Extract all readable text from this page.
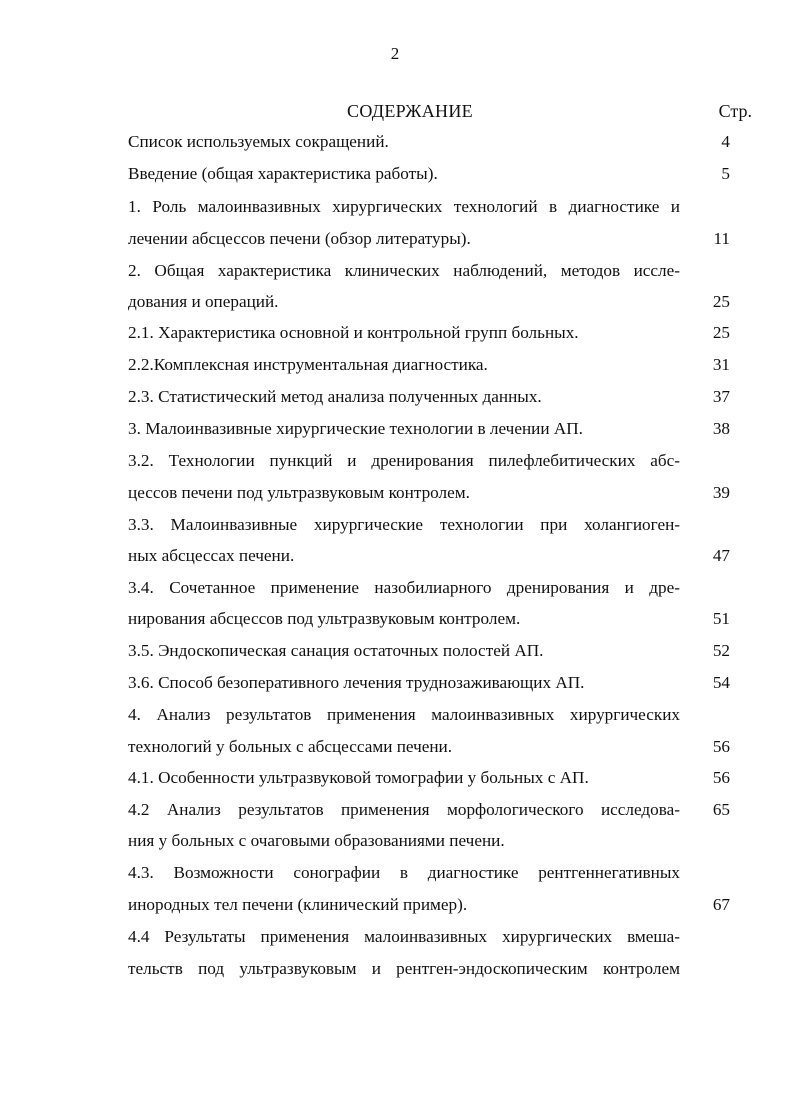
2
СОДЕРЖАНИЕ	Стр.
Список используемых сокращений.
Введение (общая характеристика работы).
1. Роль малоинвазивных хирургических технологий в диагностике и
лечении абсцессов печени (обзор литературы).
2. Общая характеристика клинических наблюдений, методов иссле-
дования и операций.
2.1. Характеристика основной и контрольной групп больных.
2.2.Комплексная инструментальная диагностика.
2.3. Статистический метод анализа полученных данных.
3. Малоинвазивные хирургические технологии в лечении АП.
3.2. Технологии пункций и дренирования пилефлебитических абс-
цессов печени под ультразвуковым контролем.
3.3. Малоинвазивные хирургические технологии при холангиоген-
ных абсцессах печени.
3.4. Сочетанное применение назобилиарного дренирования и дре-
нирования абсцессов под ультразвуковым контролем.
3.5. Эндоскопическая санация остаточных полостей АП.
3.6. Способ безоперативного лечения труднозаживающих АП.
4. Анализ результатов применения малоинвазивных хирургических
технологий у больных с абсцессами печени.
4.1. Особенности ультразвуковой томографии у больных с АП.
4.2 Анализ результатов применения морфологического исследова-
ния у больных с очаговыми образованиями печени.
4.3. Возможности сонографии в диагностике рентгеннегативных
инородных тел печени (клинический пример).
4.4 Результаты применения малоинвазивных хирургических вмеша-
тельств под ультразвуковым и рентген-эндоскопическим контролем
4
5
11
25
25
31
37
38
39
47
51
52
54
56
56
65
67
